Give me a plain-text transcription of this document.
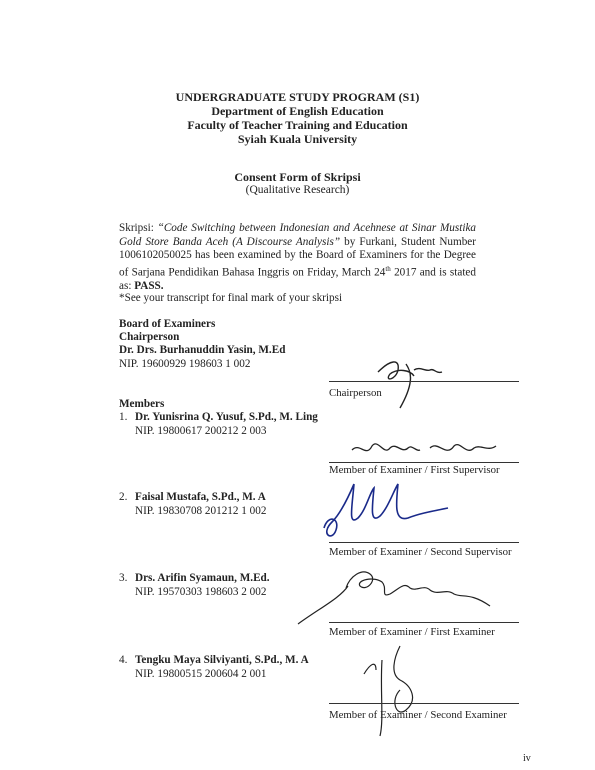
UNDERGRADUATE STUDY PROGRAM (S1)
Department of English Education
Faculty of Teacher Training and Education
Syiah Kuala University
Consent Form of Skripsi
(Qualitative Research)
Skripsi: “Code Switching between Indonesian and Acehnese at Sinar Mustika Gold Store Banda Aceh (A Discourse Analysis” by Furkani, Student Number 1006102050025 has been examined by the Board of Examiners for the Degree of Sarjana Pendidikan Bahasa Inggris on Friday, March 24th 2017 and is stated as: PASS.
*See your transcript for final mark of your skripsi
Board of Examiners
Chairperson
Dr. Drs. Burhanuddin Yasin, M.Ed
NIP. 19600929 198603 1 002
Chairperson
Members
1. Dr. Yunisrina Q. Yusuf, S.Pd., M. Ling
NIP. 19800617 200212 2 003
Member of Examiner / First Supervisor
2. Faisal Mustafa, S.Pd., M. A
NIP. 19830708 201212 1 002
Member of Examiner / Second Supervisor
3. Drs. Arifin Syamaun, M.Ed.
NIP. 19570303 198603 2 002
Member of Examiner / First Examiner
4. Tengku Maya Silviyanti, S.Pd., M. A
NIP. 19800515 200604 2 001
Member of Examiner / Second Examiner
iv
